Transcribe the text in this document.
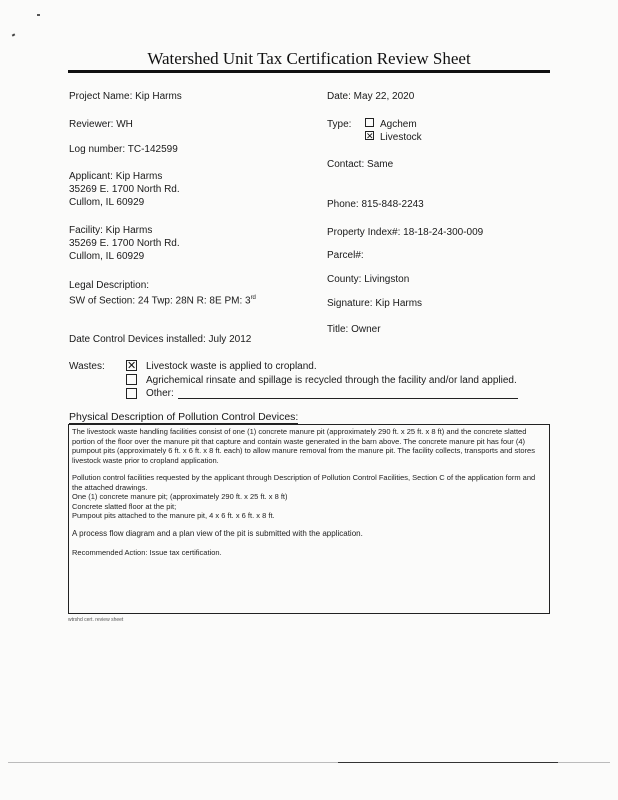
Watershed Unit Tax Certification Review Sheet
Project Name: Kip Harms
Reviewer: WH
Log number: TC-142599
Applicant: Kip Harms
35269 E. 1700 North Rd.
Cullom, IL 60929
Facility: Kip Harms
35269 E. 1700 North Rd.
Cullom, IL 60929
Legal Description:
SW of Section: 24 Twp: 28N R: 8E PM: 3rd
Date Control Devices installed: July 2012
Date: May 22, 2020
Type:	Agchem
✕ Livestock
Contact: Same
Phone: 815-848-2243
Property Index#: 18-18-24-300-009
Parcel#:
County: Livingston
Signature: Kip Harms
Title: Owner
Wastes: ✕ Livestock waste is applied to cropland.
Agrichemical rinsate and spillage is recycled through the facility and/or land applied.
Other:
Physical Description of Pollution Control Devices:

The livestock waste handling facilities consist of one (1) concrete manure pit (approximately 290 ft. x 25 ft. x 8 ft) and the concrete slatted portion of the floor over the manure pit that capture and contain waste generated in the barn above. The concrete manure pit has four (4) pumpout pits (approximately 6 ft. x 6 ft. x 8 ft. each) to allow manure removal from the manure pit. The facility collects, transports and stores livestock waste prior to cropland application.

Pollution control facilities requested by the applicant through Description of Pollution Control Facilities, Section C of the application form and the attached drawings.

One (1) concrete manure pit; (approximately 290 ft. x 25 ft. x 8 ft)

Concrete slatted floor at the pit;

Pumpout pits attached to the manure pit, 4 x 6 ft. x 6 ft. x 8 ft.

A process flow diagram and a plan view of the pit is submitted with the application.

Recommended Action: Issue tax certification.

wtrshd cert. review sheet
